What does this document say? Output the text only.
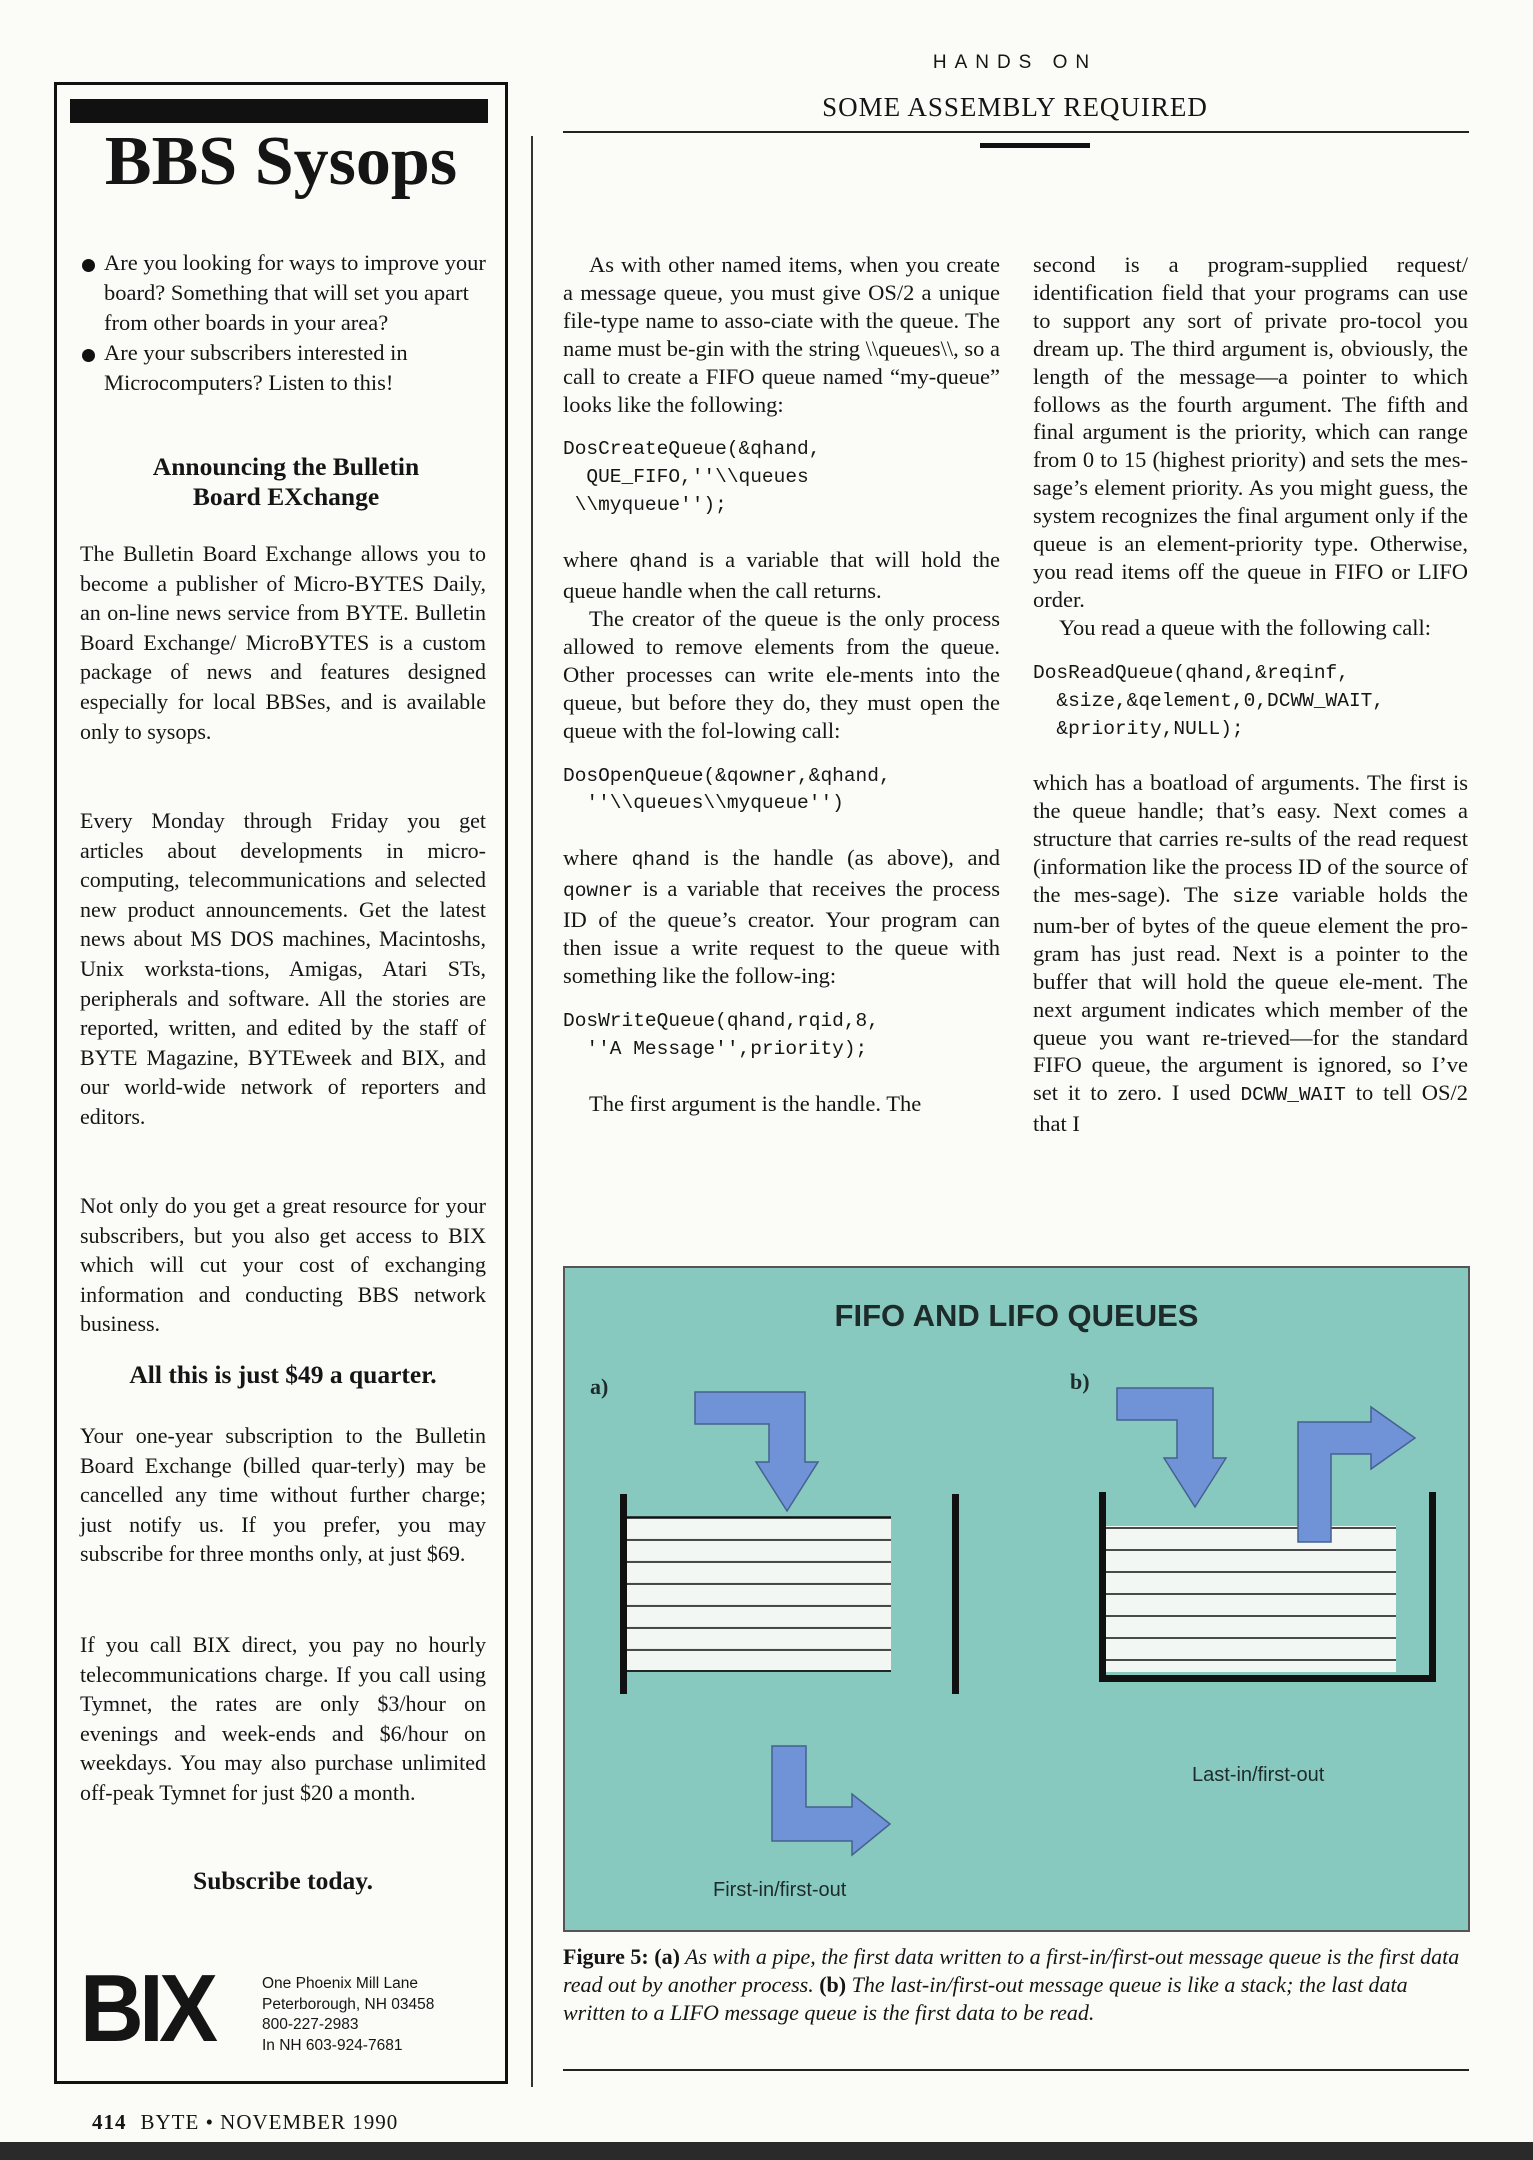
HANDS ON
SOME ASSEMBLY REQUIRED
BBS Sysops
Are you looking for ways to improve your board? Something that will set you apart from other boards in your area?
Are your subscribers interested in Microcomputers? Listen to this!
Announcing the Bulletin
Board EXchange
The Bulletin Board Exchange allows you to become a publisher of Micro-BYTES Daily, an on-line news service from BYTE. Bulletin Board Exchange/ MicroBYTES is a custom package of news and features designed especially for local BBSes, and is available only to sysops.
Every Monday through Friday you get articles about developments in micro-computing, telecommunications and selected new product announcements. Get the latest news about MS DOS machines, Macintoshs, Unix worksta-tions, Amigas, Atari STs, peripherals and software. All the stories are reported, written, and edited by the staff of BYTE Magazine, BYTEweek and BIX, and our world-wide network of reporters and editors.
Not only do you get a great resource for your subscribers, but you also get access to BIX which will cut your cost of exchanging information and conducting BBS network business.
All this is just $49 a quarter.
Your one-year subscription to the Bulletin Board Exchange (billed quar-terly) may be cancelled any time without further charge; just notify us. If you prefer, you may subscribe for three months only, at just $69.
If you call BIX direct, you pay no hourly telecommunications charge. If you call using Tymnet, the rates are only $3/hour on evenings and week-ends and $6/hour on weekdays. You may also purchase unlimited off-peak Tymnet for just $20 a month.
Subscribe today.
BIX	One Phoenix Mill Lane
Peterborough, NH 03458
800-227-2983
In NH 603-924-7681

As with other named items, when you create a message queue, you must give OS/2 a unique file-type name to asso-ciate with the queue. The name must be-gin with the string \\queues\\, so a call to create a FIFO queue named “my-queue” looks like the following:

DosCreateQueue(&qhand,
QUE_FIFO,''\\queues
\\myqueue'');

where qhand is a variable that will hold the queue handle when the call returns.

The creator of the queue is the only process allowed to remove elements from the queue. Other processes can write ele-ments into the queue, but before they do, they must open the queue with the fol-lowing call:

DosOpenQueue(&qowner,&qhand,
''\\queues\\myqueue'')

where qhand is the handle (as above), and qowner is a variable that receives the process ID of the queue’s creator. Your program can then issue a write request to the queue with something like the follow-ing:

DosWriteQueue(qhand,rqid,8,
''A Message'',priority);

The first argument is the handle. The

second is a program-supplied request/ identification field that your programs can use to support any sort of private pro-tocol you dream up. The third argument is, obviously, the length of the message—a pointer to which follows as the fourth argument. The fifth and final argument is the priority, which can range from 0 to 15 (highest priority) and sets the mes-sage’s element priority. As you might guess, the system recognizes the final argument only if the queue is an element-priority type. Otherwise, you read items off the queue in FIFO or LIFO order.

You read a queue with the following call:

DosReadQueue(qhand,&reqinf,
&size,&qelement,0,DCWW_WAIT,
&priority,NULL);

which has a boatload of arguments. The first is the queue handle; that’s easy. Next comes a structure that carries re-sults of the read request (information like the process ID of the source of the mes-sage). The size variable holds the num-ber of bytes of the queue element the pro-gram has just read. Next is a pointer to the buffer that will hold the queue ele-ment. The next argument indicates which member of the queue you want re-trieved—for the standard FIFO queue, the argument is ignored, so I’ve set it to zero. I used DCWW_WAIT to tell OS/2 that I

FIFO AND LIFO QUEUES
a)	b)
First-in/first-out
Last-in/first-out
Figure 5: (a) As with a pipe, the first data written to a first-in/first-out message queue is the first data read out by another process. (b) The last-in/first-out message queue is like a stack; the last data written to a LIFO message queue is the first data to be read.
414 BYTE • NOVEMBER 1990
